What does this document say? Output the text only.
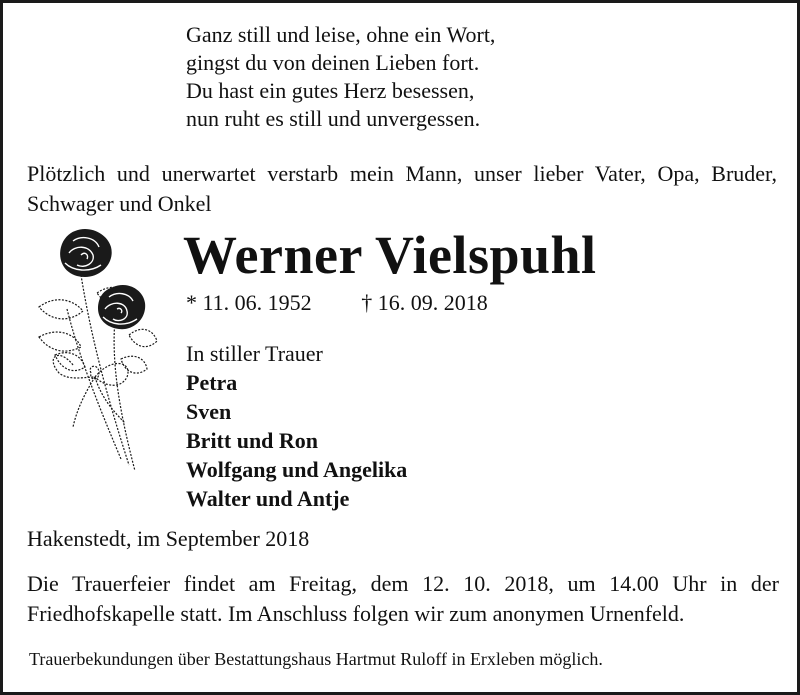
Ganz still und leise, ohne ein Wort,
gingst du von deinen Lieben fort.
Du hast ein gutes Herz besessen,
nun ruht es still und unvergessen.
Plötzlich und unerwartet verstarb mein Mann, unser lieber Vater, Opa, Bruder, Schwager und Onkel
Werner Vielspuhl
* 11. 06. 1952 † 16. 09. 2018
In stiller Trauer
Petra
Sven
Britt und Ron
Wolfgang und Angelika
Walter und Antje
Hakenstedt, im September 2018
Die Trauerfeier findet am Freitag, dem 12. 10. 2018, um 14.00 Uhr in der Friedhofskapelle statt. Im Anschluss folgen wir zum anonymen Urnenfeld.
Trauerbekundungen über Bestattungshaus Hartmut Ruloff in Erxleben möglich.
